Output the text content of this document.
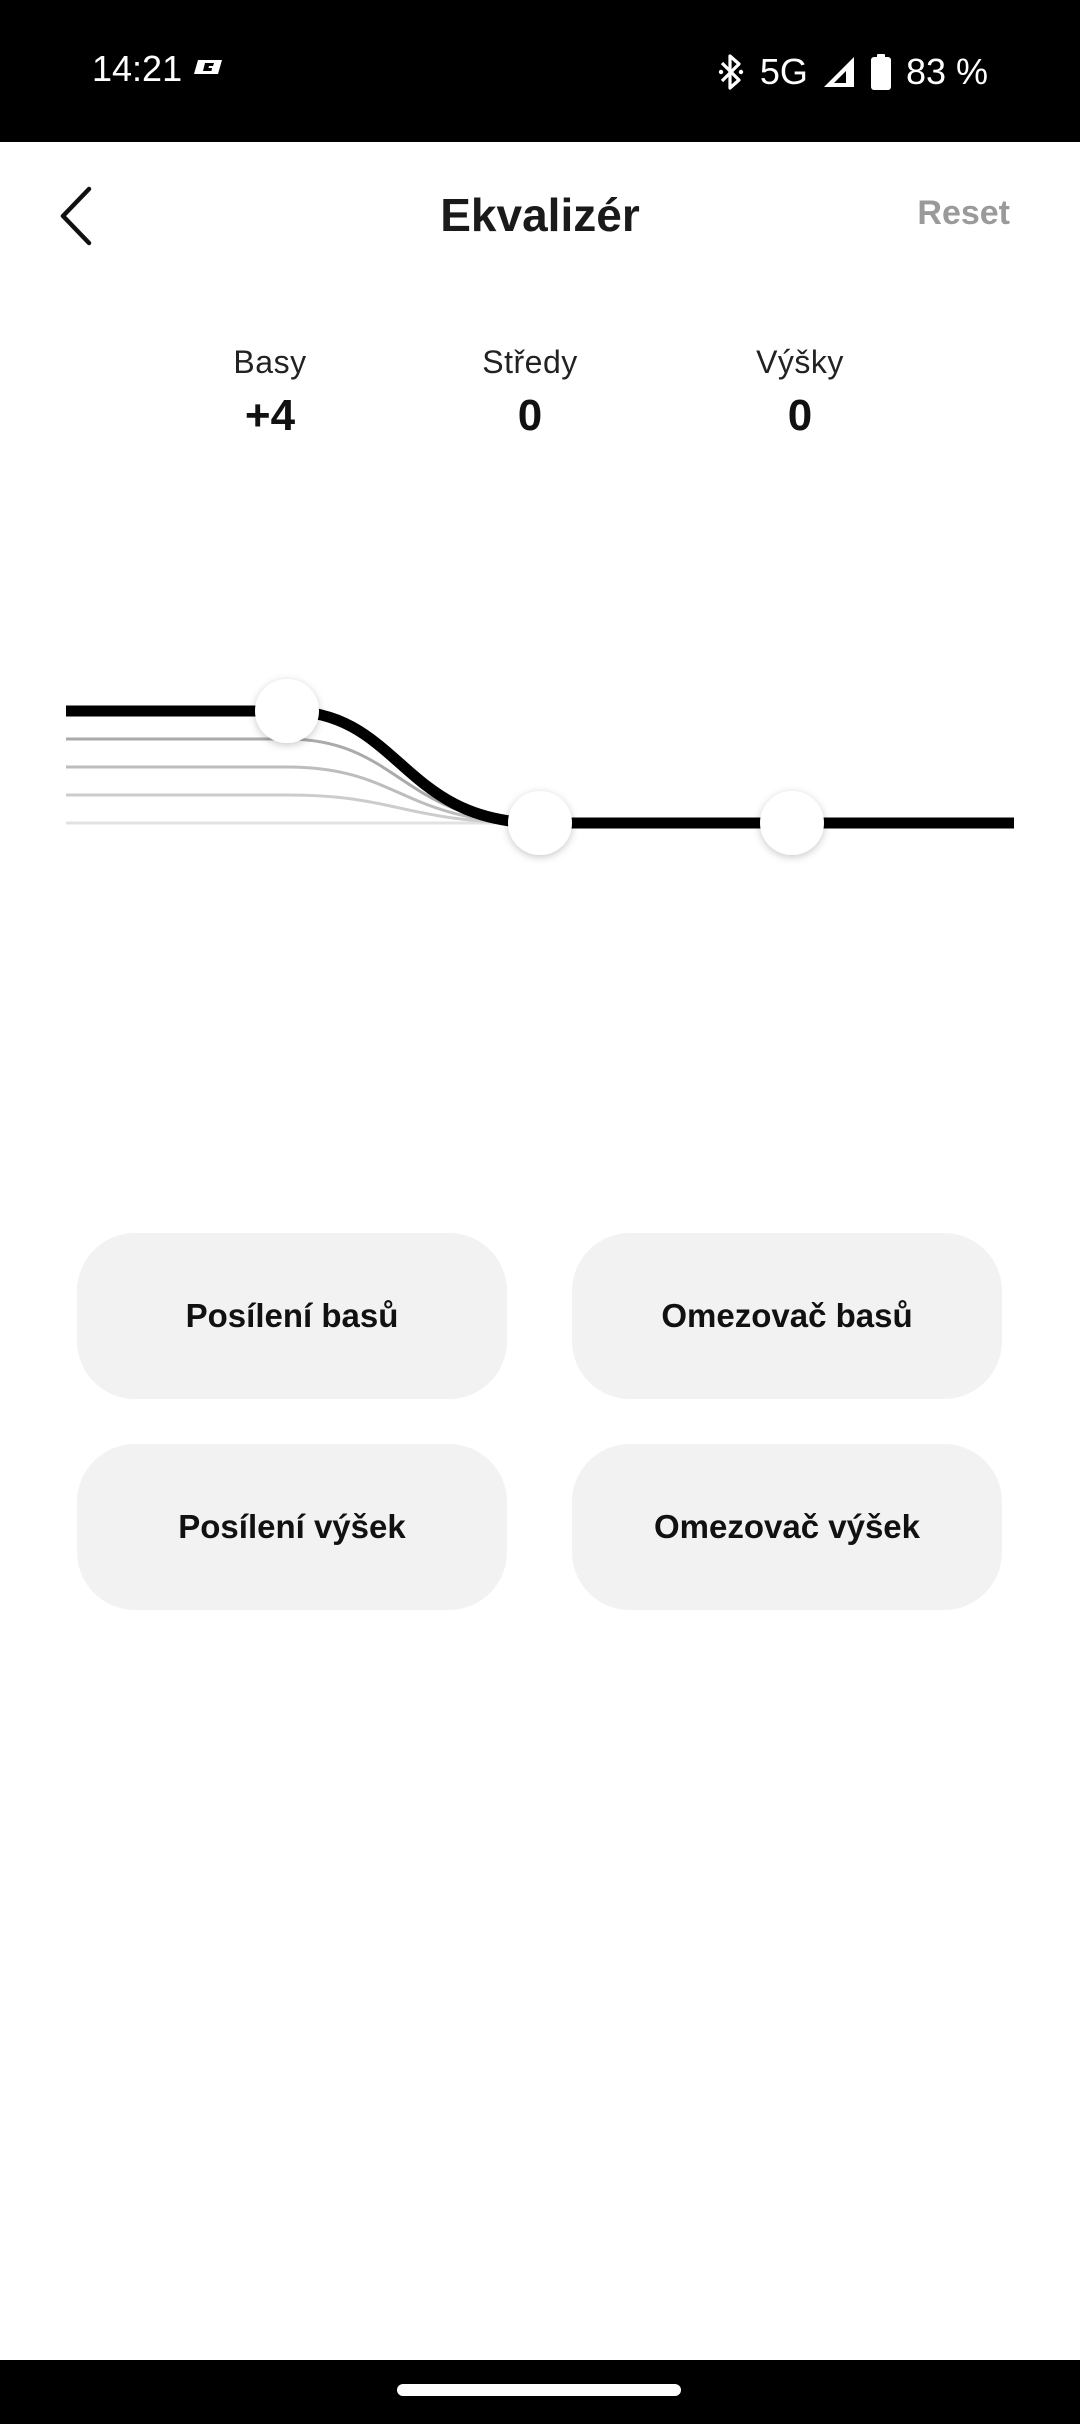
14:21	5G	83 %
Ekvalizér	Reset
Basy
+4
Středy
0
Výšky
0
Posílení basů	Omezovač basů
Posílení výšek	Omezovač výšek
